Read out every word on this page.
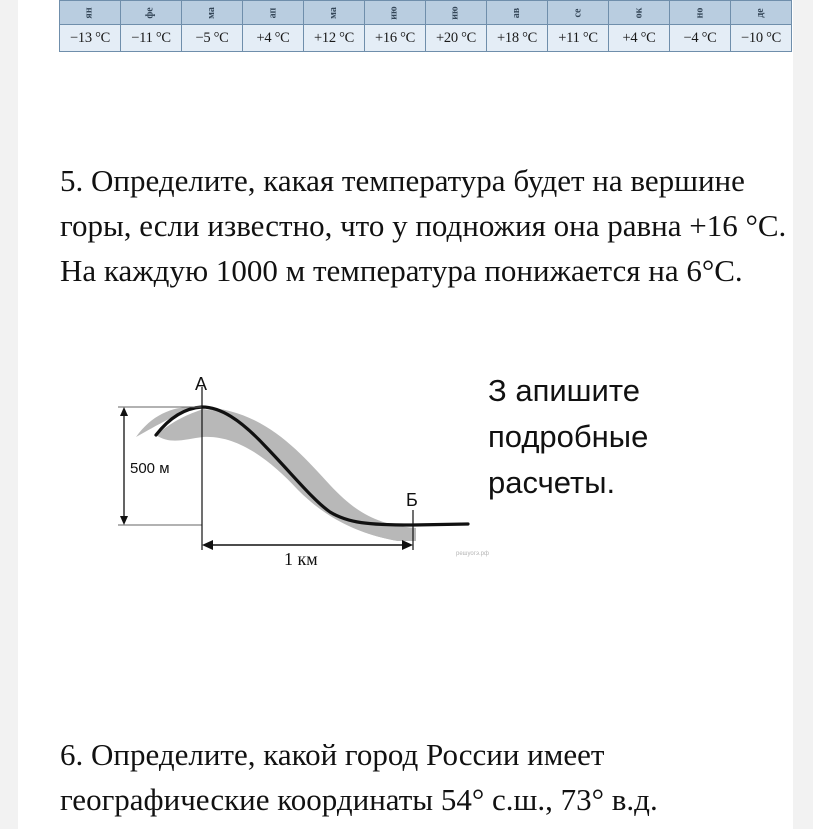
ян	фе	ма	ап	ма	ию	ию	ав	се	ок	но	де
−13 °C	−11 °C	−5 °C	+4 °C	+12 °C	+16 °C	+20 °C	+18 °C	+11 °C	+4 °C	−4 °C	−10 °C

5. Определите, какая температура будет на вершине горы, если известно, что у подножия она равна +16 °С. На каждую 1000 м температура понижается на 6°С.

500 м
1 км
А
Б
решуогэ.рф
З апишите
подробные
расчеты.

6. Определите, какой город России имеет географические координаты 54° с.ш., 73° в.д.
